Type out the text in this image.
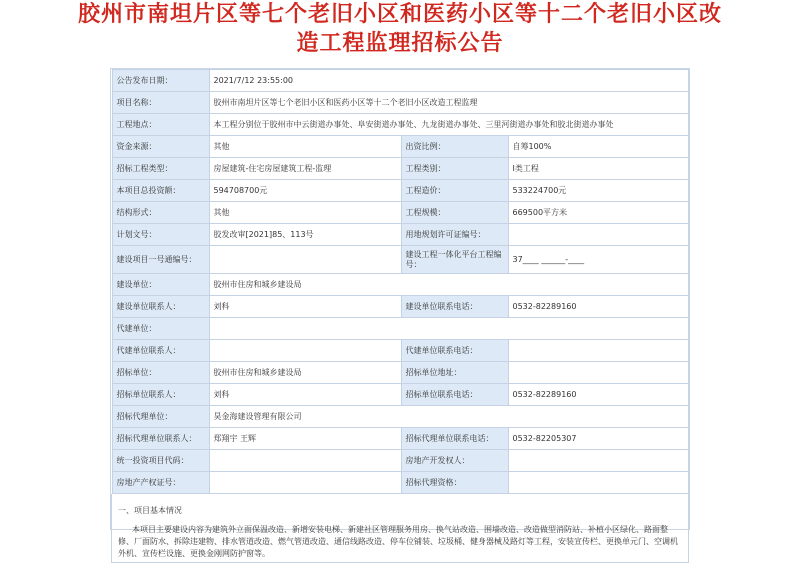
胶州市南坦片区等七个老旧小区和医药小区等十二个老旧小区改
造工程监理招标公告
公告发布日期：	2021/7/12 23:55:00		
项目名称：	胶州市南坦片区等七个老旧小区和医药小区等十二个老旧小区改造工程监理		
工程地点：	本工程分别位于胶州市中云街道办事处、阜安街道办事处、九龙街道办事处、三里河街道办事处和胶北街道办事处		
资金来源：	其他	出资比例：	自筹100%
招标工程类型：	房屋建筑-住宅房屋建筑工程-监理	工程类别：	I类工程
本项目总投资额：	594708700元	工程造价：	533224700元
结构形式：	其他	工程规模：	669500平方米
计划文号：	胶发改审[2021]85、113号	用地规划许可证编号：	
建设项目一号通编号：		建设工程一体化平台工程编号：	37____ ______-____
建设单位：	胶州市住房和城乡建设局		
建设单位联系人：	刘科	建设单位联系电话：	0532-82289160
代建单位：			
代建单位联系人：		代建单位联系电话：	
招标单位：	胶州市住房和城乡建设局	招标单位地址：	
招标单位联系人：	刘科	招标单位联系电话：	0532-82289160
招标代理单位：	昊金海建设管理有限公司		
招标代理单位联系人：	郑翔宇 王辉	招标代理单位联系电话：	0532-82205307
统一投资项目代码：		房地产开发权人：	
房地产产权证号：		招标代理资格：	
一、项目基本情况

本项目主要建设内容为建筑外立面保温改造、新增安装电梯、新建社区管理服务用房、换气站改造、围墙改造、改造做型消防站、补植小区绿化、路面整修、厂面防水、拆除违建物、排水管道改造、燃气管道改造、通信线路改造、停车位铺装、垃圾桶、健身器械及路灯等工程，安装宣传栏、更换单元门、空调机外机、宣传栏设施、更换金刚网防护窗等。
